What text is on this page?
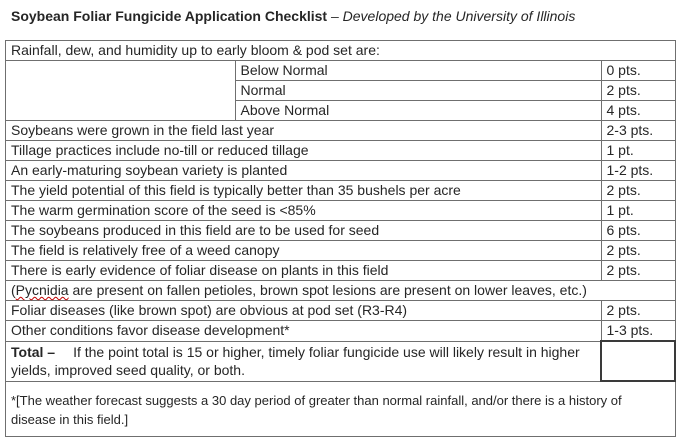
Soybean Foliar Fungicide Application Checklist – Developed by the University of Illinois
Rainfall, dew, and humidity up to early bloom & pod set are:		
	Below Normal	0 pts.
	Normal	2 pts.
	Above Normal	4 pts.
Soybeans were grown in the field last year		2-3 pts.
Tillage practices include no-till or reduced tillage		1 pt.
An early-maturing soybean variety is planted		1-2 pts.
The yield potential of this field is typically better than 35 bushels per acre		2 pts.
The warm germination score of the seed is <85%		1 pt.
The soybeans produced in this field are to be used for seed		6 pts.
The field is relatively free of a weed canopy		2 pts.
There is early evidence of foliar disease on plants in this field		2 pts.
(Pycnidia are present on fallen petioles, brown spot lesions are present on lower leaves, etc.)		
Foliar diseases (like brown spot) are obvious at pod set (R3-R4)		2 pts.
Other conditions favor disease development*		1-3 pts.
Total – If the point total is 15 or higher, timely foliar fungicide use will likely result in higher yields, improved seed quality, or both.		
*[The weather forecast suggests a 30 day period of greater than normal rainfall, and/or there is a history of disease in this field.]		
